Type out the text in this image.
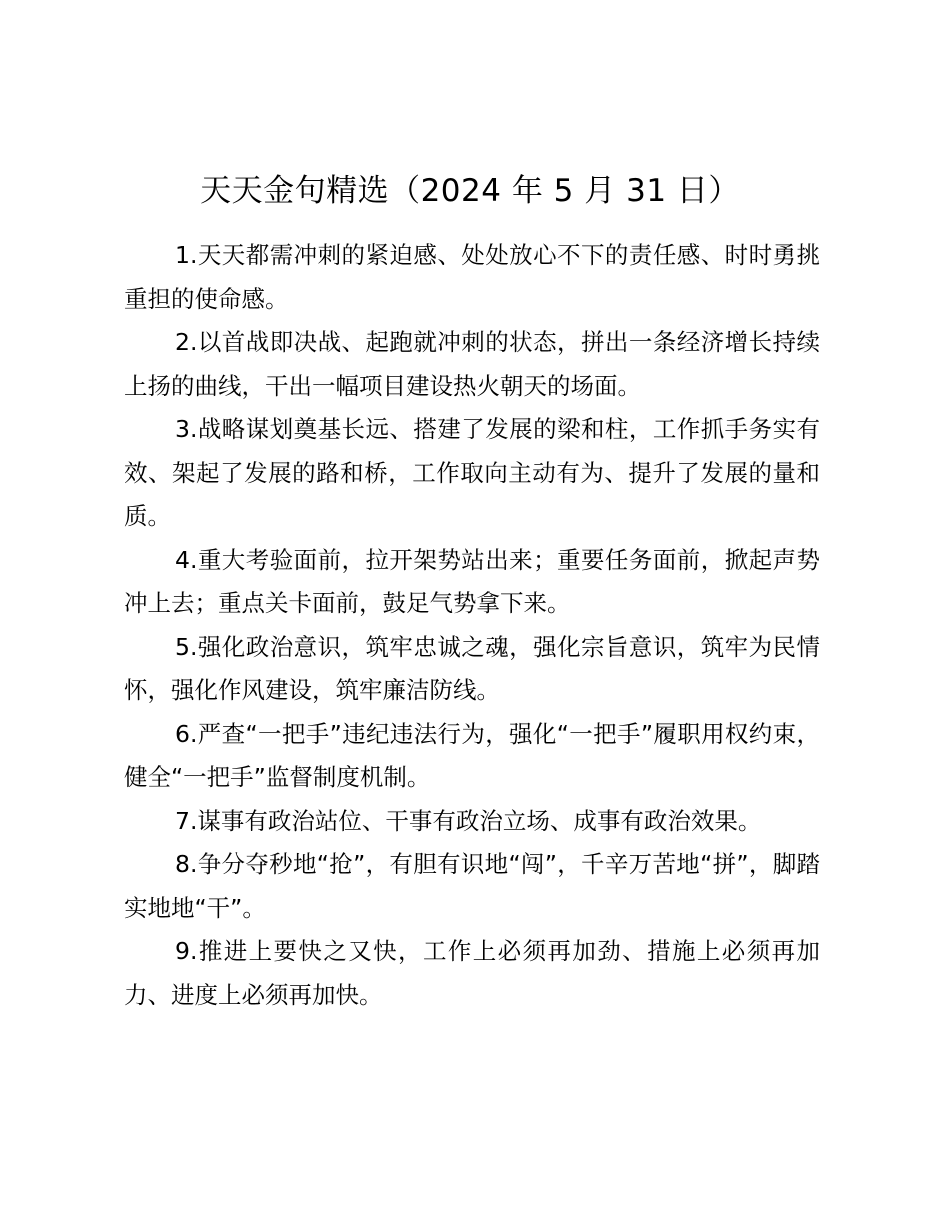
天天金句精选（2024 年 5 月 31 日）

1.天天都需冲刺的紧迫感、处处放心不下的责任感、时时勇挑重担的使命感。

2.以首战即决战、起跑就冲刺的状态，拼出一条经济增长持续上扬的曲线，干出一幅项目建设热火朝天的场面。

3.战略谋划奠基长远、搭建了发展的梁和柱，工作抓手务实有效、架起了发展的路和桥，工作取向主动有为、提升了发展的量和质。

4.重大考验面前，拉开架势站出来；重要任务面前，掀起声势冲上去；重点关卡面前，鼓足气势拿下来。

5.强化政治意识，筑牢忠诚之魂，强化宗旨意识，筑牢为民情怀，强化作风建设，筑牢廉洁防线。

6.严查“一把手”违纪违法行为，强化“一把手”履职用权约束，健全“一把手”监督制度机制。

7.谋事有政治站位、干事有政治立场、成事有政治效果。

8.争分夺秒地“抢”，有胆有识地“闯”，千辛万苦地“拼”，脚踏实地地“干”。

9.推进上要快之又快，工作上必须再加劲、措施上必须再加力、进度上必须再加快。
